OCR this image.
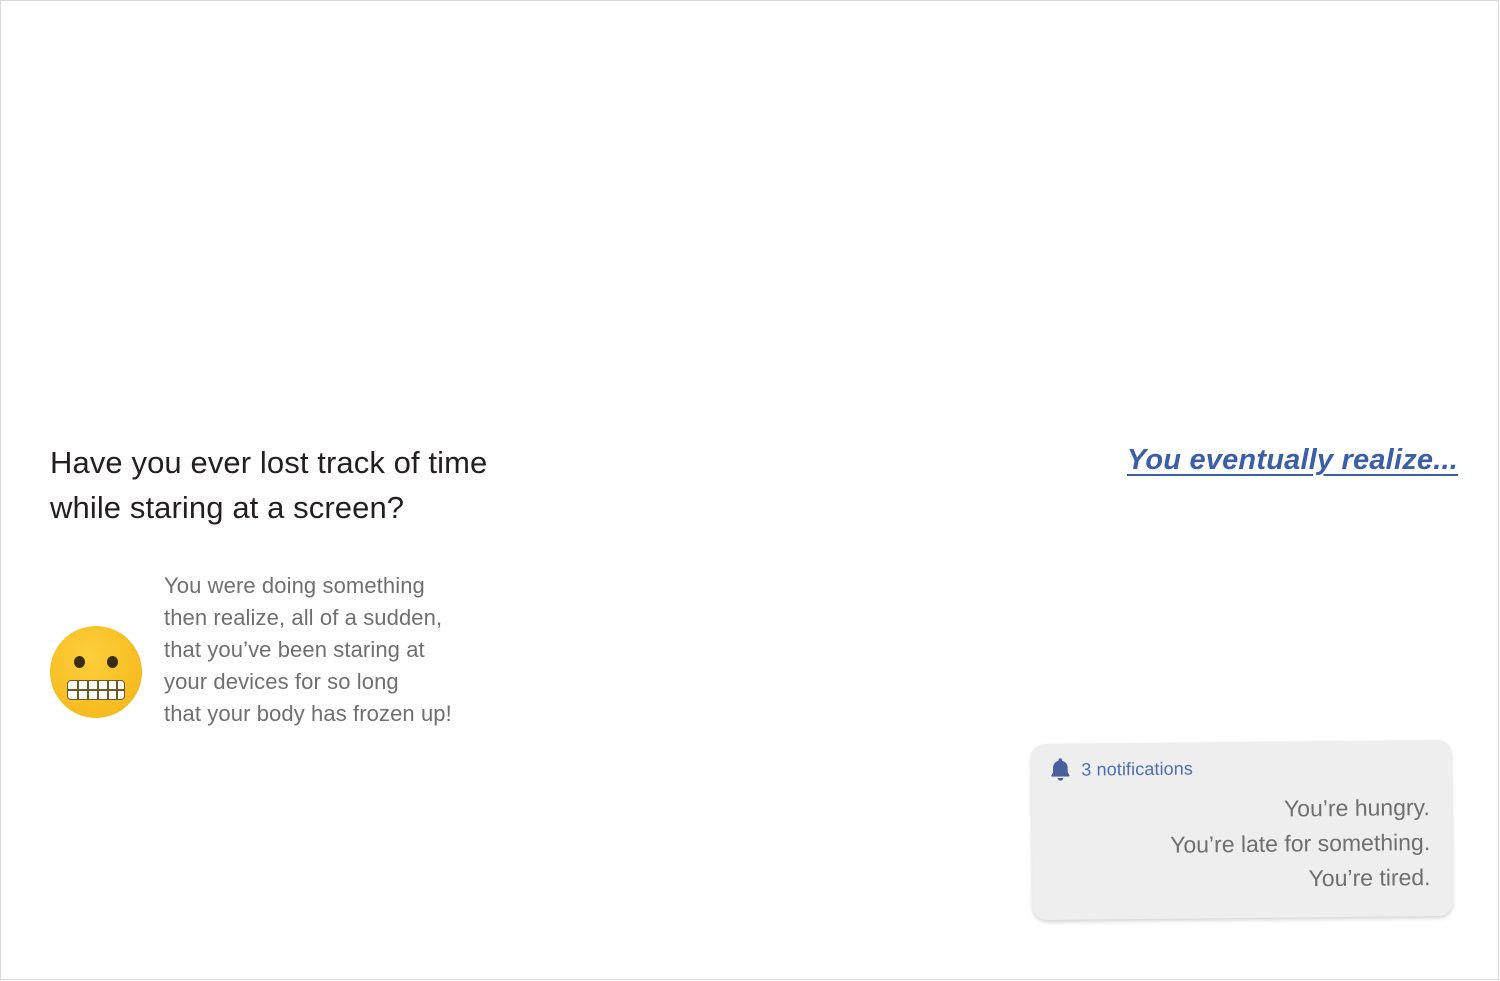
Have you ever lost track of time
while staring at a screen?
You were doing something
then realize, all of a sudden,
that you’ve been staring at
your devices for so long
that your body has frozen up!
You eventually realize...
3 notifications
You’re hungry.
You’re late for something.
You’re tired.
